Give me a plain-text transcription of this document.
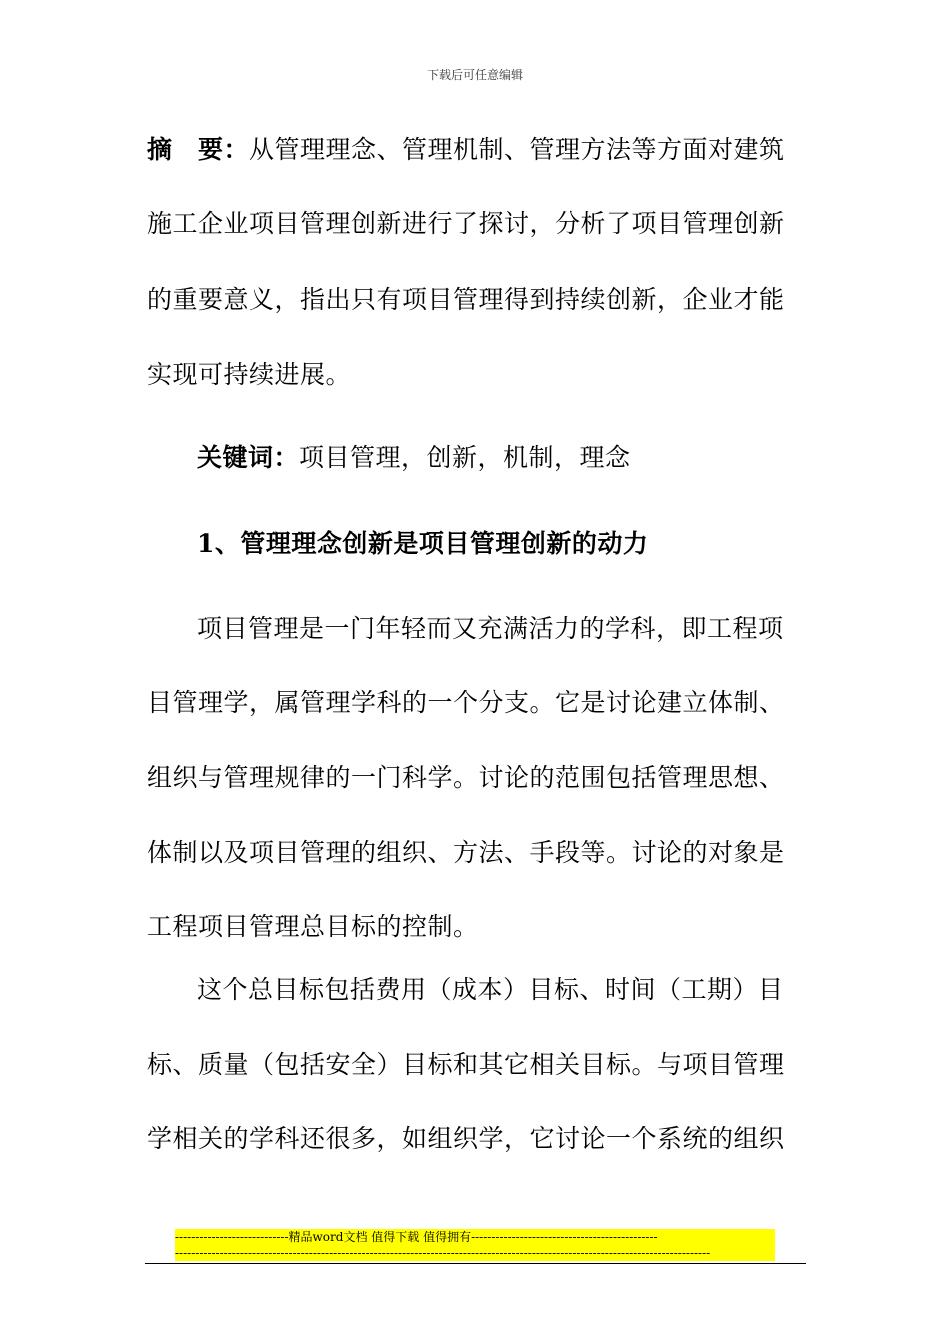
下载后可任意编辑
摘　要：从管理理念、管理机制、管理方法等方面对建筑
施工企业项目管理创新进行了探讨，分析了项目管理创新
的重要意义，指出只有项目管理得到持续创新，企业才能
实现可持续进展。
关键词：项目管理，创新，机制，理念
1、管理理念创新是项目管理创新的动力
项目管理是一门年轻而又充满活力的学科，即工程项
目管理学，属管理学科的一个分支。它是讨论建立体制、
组织与管理规律的一门科学。讨论的范围包括管理思想、
体制以及项目管理的组织、方法、手段等。讨论的对象是
工程项目管理总目标的控制。
这个总目标包括费用（成本）目标、时间（工期）目
标、质量（包括安全）目标和其它相关目标。与项目管理
学相关的学科还很多，如组织学，它讨论一个系统的组织
----------------------------精品word文档 值得下载 值得拥有----------------------------------------------
------------------------------------------------------------------------------------------------------------------------------------
